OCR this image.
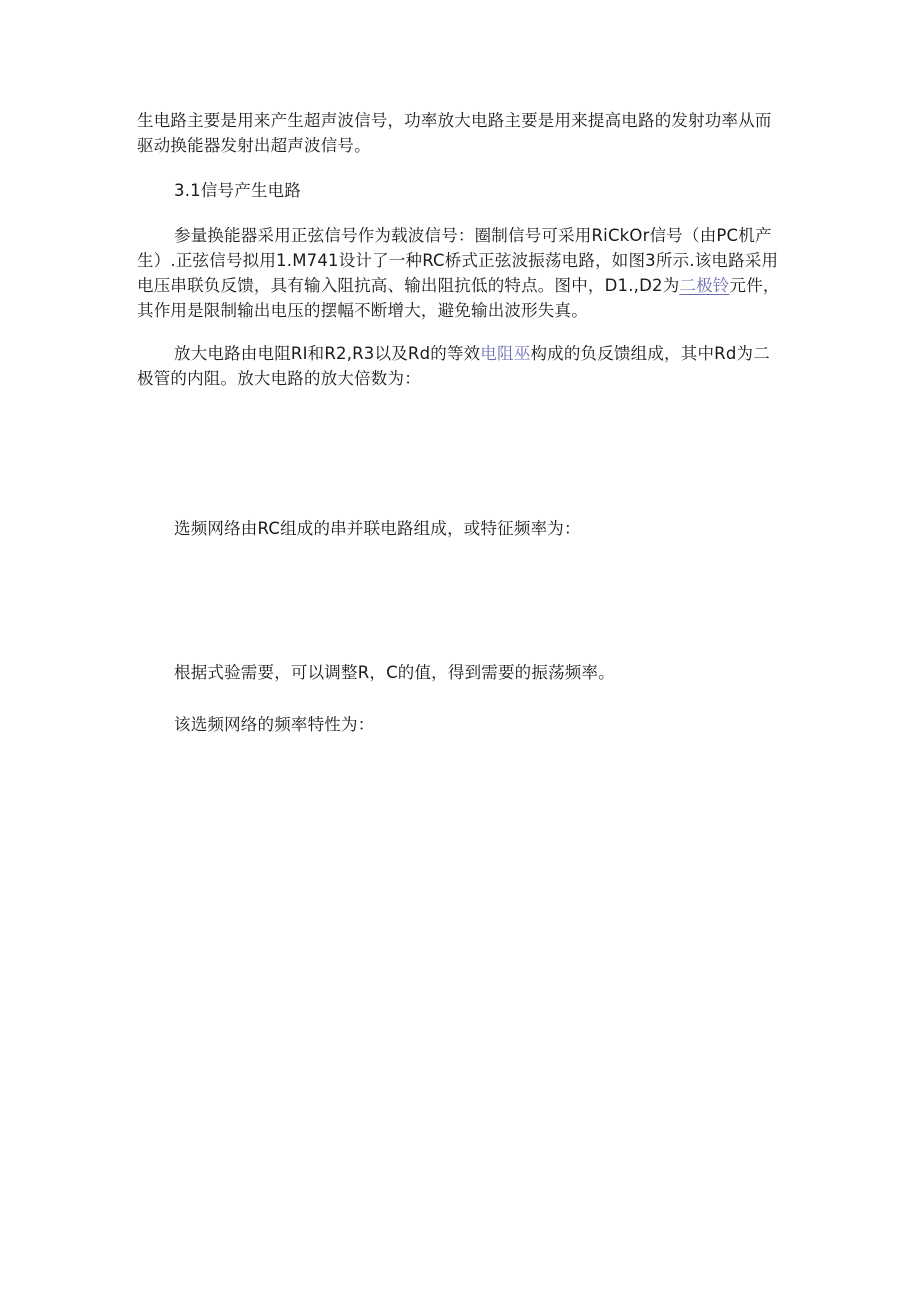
生电路主要是用来产生超声波信号，功率放大电路主要是用来提高电路的发射功率从而驱动换能器发射出超声波信号。

3.1信号产生电路

参量换能器采用正弦信号作为载波信号：圈制信号可采用RiCkOr信号（由PC机产生）.正弦信号拟用1.M741设计了一种RC桥式正弦波振荡电路，如图3所示.该电路采用电压串联负反馈，具有输入阻抗高、输出阻抗低的特点。图中，D1.,D2为二极铃元件，其作用是限制输出电压的摆幅不断增大，避免输出波形失真。

放大电路由电阻RI和R2,R3以及Rd的等效电阻巫构成的负反馈组成，其中Rd为二极管的内阻。放大电路的放大倍数为：

选频网络由RC组成的串并联电路组成，或特征频率为：

根据式验需要，可以调整R，C的值，得到需要的振荡频率。

该选频网络的频率特性为：
